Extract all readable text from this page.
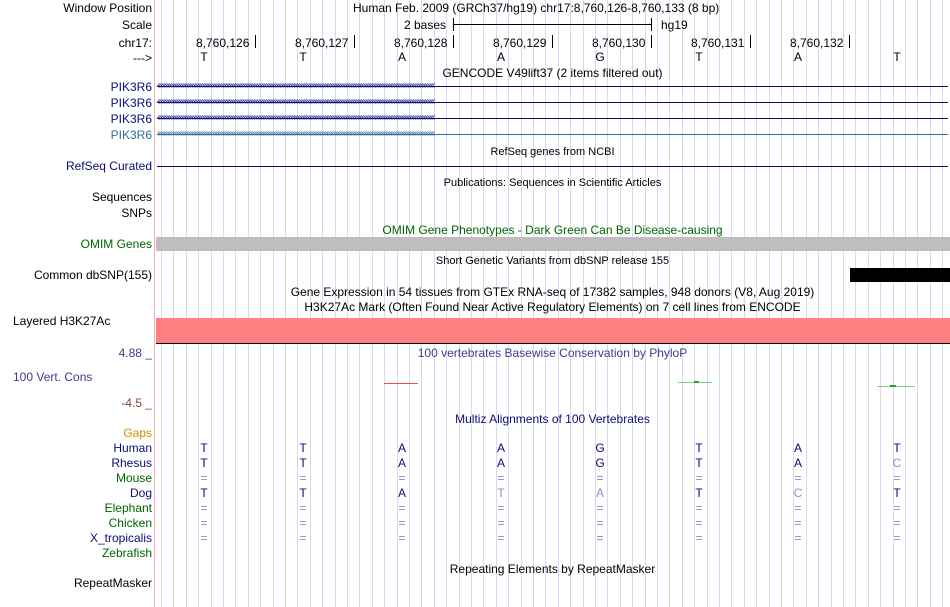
Window Position	Human Feb. 2009 (GRCh37/hg19) chr17:8,760,126-8,760,133 (8 bp)
Scale	2 bases	hg19
chr17:	8,760,126	8,760,127	8,760,128	8,760,129	8,760,130	8,760,131	8,760,132
--->	T	T	A	A	G	T	A	T
GENCODE V49lift37 (2 items filtered out)
PIK3R6 ‹‹‹‹‹‹‹‹‹‹‹‹‹‹‹‹‹‹‹‹‹‹‹‹‹‹‹‹‹‹‹‹‹‹‹‹‹‹‹‹‹‹‹‹‹‹‹‹‹‹‹‹‹‹‹‹‹‹‹‹‹‹‹‹‹‹‹‹‹‹‹‹‹‹‹‹‹‹‹‹‹‹‹‹‹‹‹‹‹‹‹‹‹‹‹‹‹‹‹‹‹‹‹‹‹‹‹‹‹‹‹‹‹‹‹‹‹‹‹‹‹‹‹‹‹‹‹‹‹‹‹‹‹‹‹‹‹‹‹‹‹‹‹‹‹‹‹‹‹‹‹‹‹‹‹‹‹‹‹‹
PIK3R6 ‹‹‹‹‹‹‹‹‹‹‹‹‹‹‹‹‹‹‹‹‹‹‹‹‹‹‹‹‹‹‹‹‹‹‹‹‹‹‹‹‹‹‹‹‹‹‹‹‹‹‹‹‹‹‹‹‹‹‹‹‹‹‹‹‹‹‹‹‹‹‹‹‹‹‹‹‹‹‹‹‹‹‹‹‹‹‹‹‹‹‹‹‹‹‹‹‹‹‹‹‹‹‹‹‹‹‹‹‹‹‹‹‹‹‹‹‹‹‹‹‹‹‹‹‹‹‹‹‹‹‹‹‹‹‹‹‹‹‹‹‹‹‹‹‹‹‹‹‹‹‹‹‹‹‹‹‹‹‹‹
PIK3R6 ‹‹‹‹‹‹‹‹‹‹‹‹‹‹‹‹‹‹‹‹‹‹‹‹‹‹‹‹‹‹‹‹‹‹‹‹‹‹‹‹‹‹‹‹‹‹‹‹‹‹‹‹‹‹‹‹‹‹‹‹‹‹‹‹‹‹‹‹‹‹‹‹‹‹‹‹‹‹‹‹‹‹‹‹‹‹‹‹‹‹‹‹‹‹‹‹‹‹‹‹‹‹‹‹‹‹‹‹‹‹‹‹‹‹‹‹‹‹‹‹‹‹‹‹‹‹‹‹‹‹‹‹‹‹‹‹‹‹‹‹‹‹‹‹‹‹‹‹‹‹‹‹‹‹‹‹‹‹‹‹
PIK3R6 ‹‹‹‹‹‹‹‹‹‹‹‹‹‹‹‹‹‹‹‹‹‹‹‹‹‹‹‹‹‹‹‹‹‹‹‹‹‹‹‹‹‹‹‹‹‹‹‹‹‹‹‹‹‹‹‹‹‹‹‹‹‹‹‹‹‹‹‹‹‹‹‹‹‹‹‹‹‹‹‹‹‹‹‹‹‹‹‹‹‹‹‹‹‹‹‹‹‹‹‹‹‹‹‹‹‹‹‹‹‹‹‹‹‹‹‹‹‹‹‹‹‹‹‹‹‹‹‹‹‹‹‹‹‹‹‹‹‹‹‹‹‹‹‹‹‹‹‹‹‹‹‹‹‹‹‹‹‹‹‹
RefSeq genes from NCBI
RefSeq Curated
Publications: Sequences in Scientific Articles
Sequences
SNPs
OMIM Gene Phenotypes - Dark Green Can Be Disease-causing
OMIM Genes
Short Genetic Variants from dbSNP release 155
Common dbSNP(155)
Gene Expression in 54 tissues from GTEx RNA-seq of 17382 samples, 948 donors (V8, Aug 2019)
H3K27Ac Mark (Often Found Near Active Regulatory Elements) on 7 cell lines from ENCODE
Layered H3K27Ac
4.88 _	100 vertebrates Basewise Conservation by PhyloP
100 Vert. Cons
-4.5 _
Multiz Alignments of 100 Vertebrates
Gaps
Human	T	T	A	A	G	T	A	T
Rhesus	T	T	A	A	G	T	A	C
Mouse	=	=	=	=	=	=	=	=
Dog	T	T	A	T	A	T	C	T
Elephant	=	=	=	=	=	=	=	=
Chicken	=	=	=	=	=	=	=	=
X_tropicalis	=	=	=	=	=	=	=	=
Zebrafish
Repeating Elements by RepeatMasker
RepeatMasker
